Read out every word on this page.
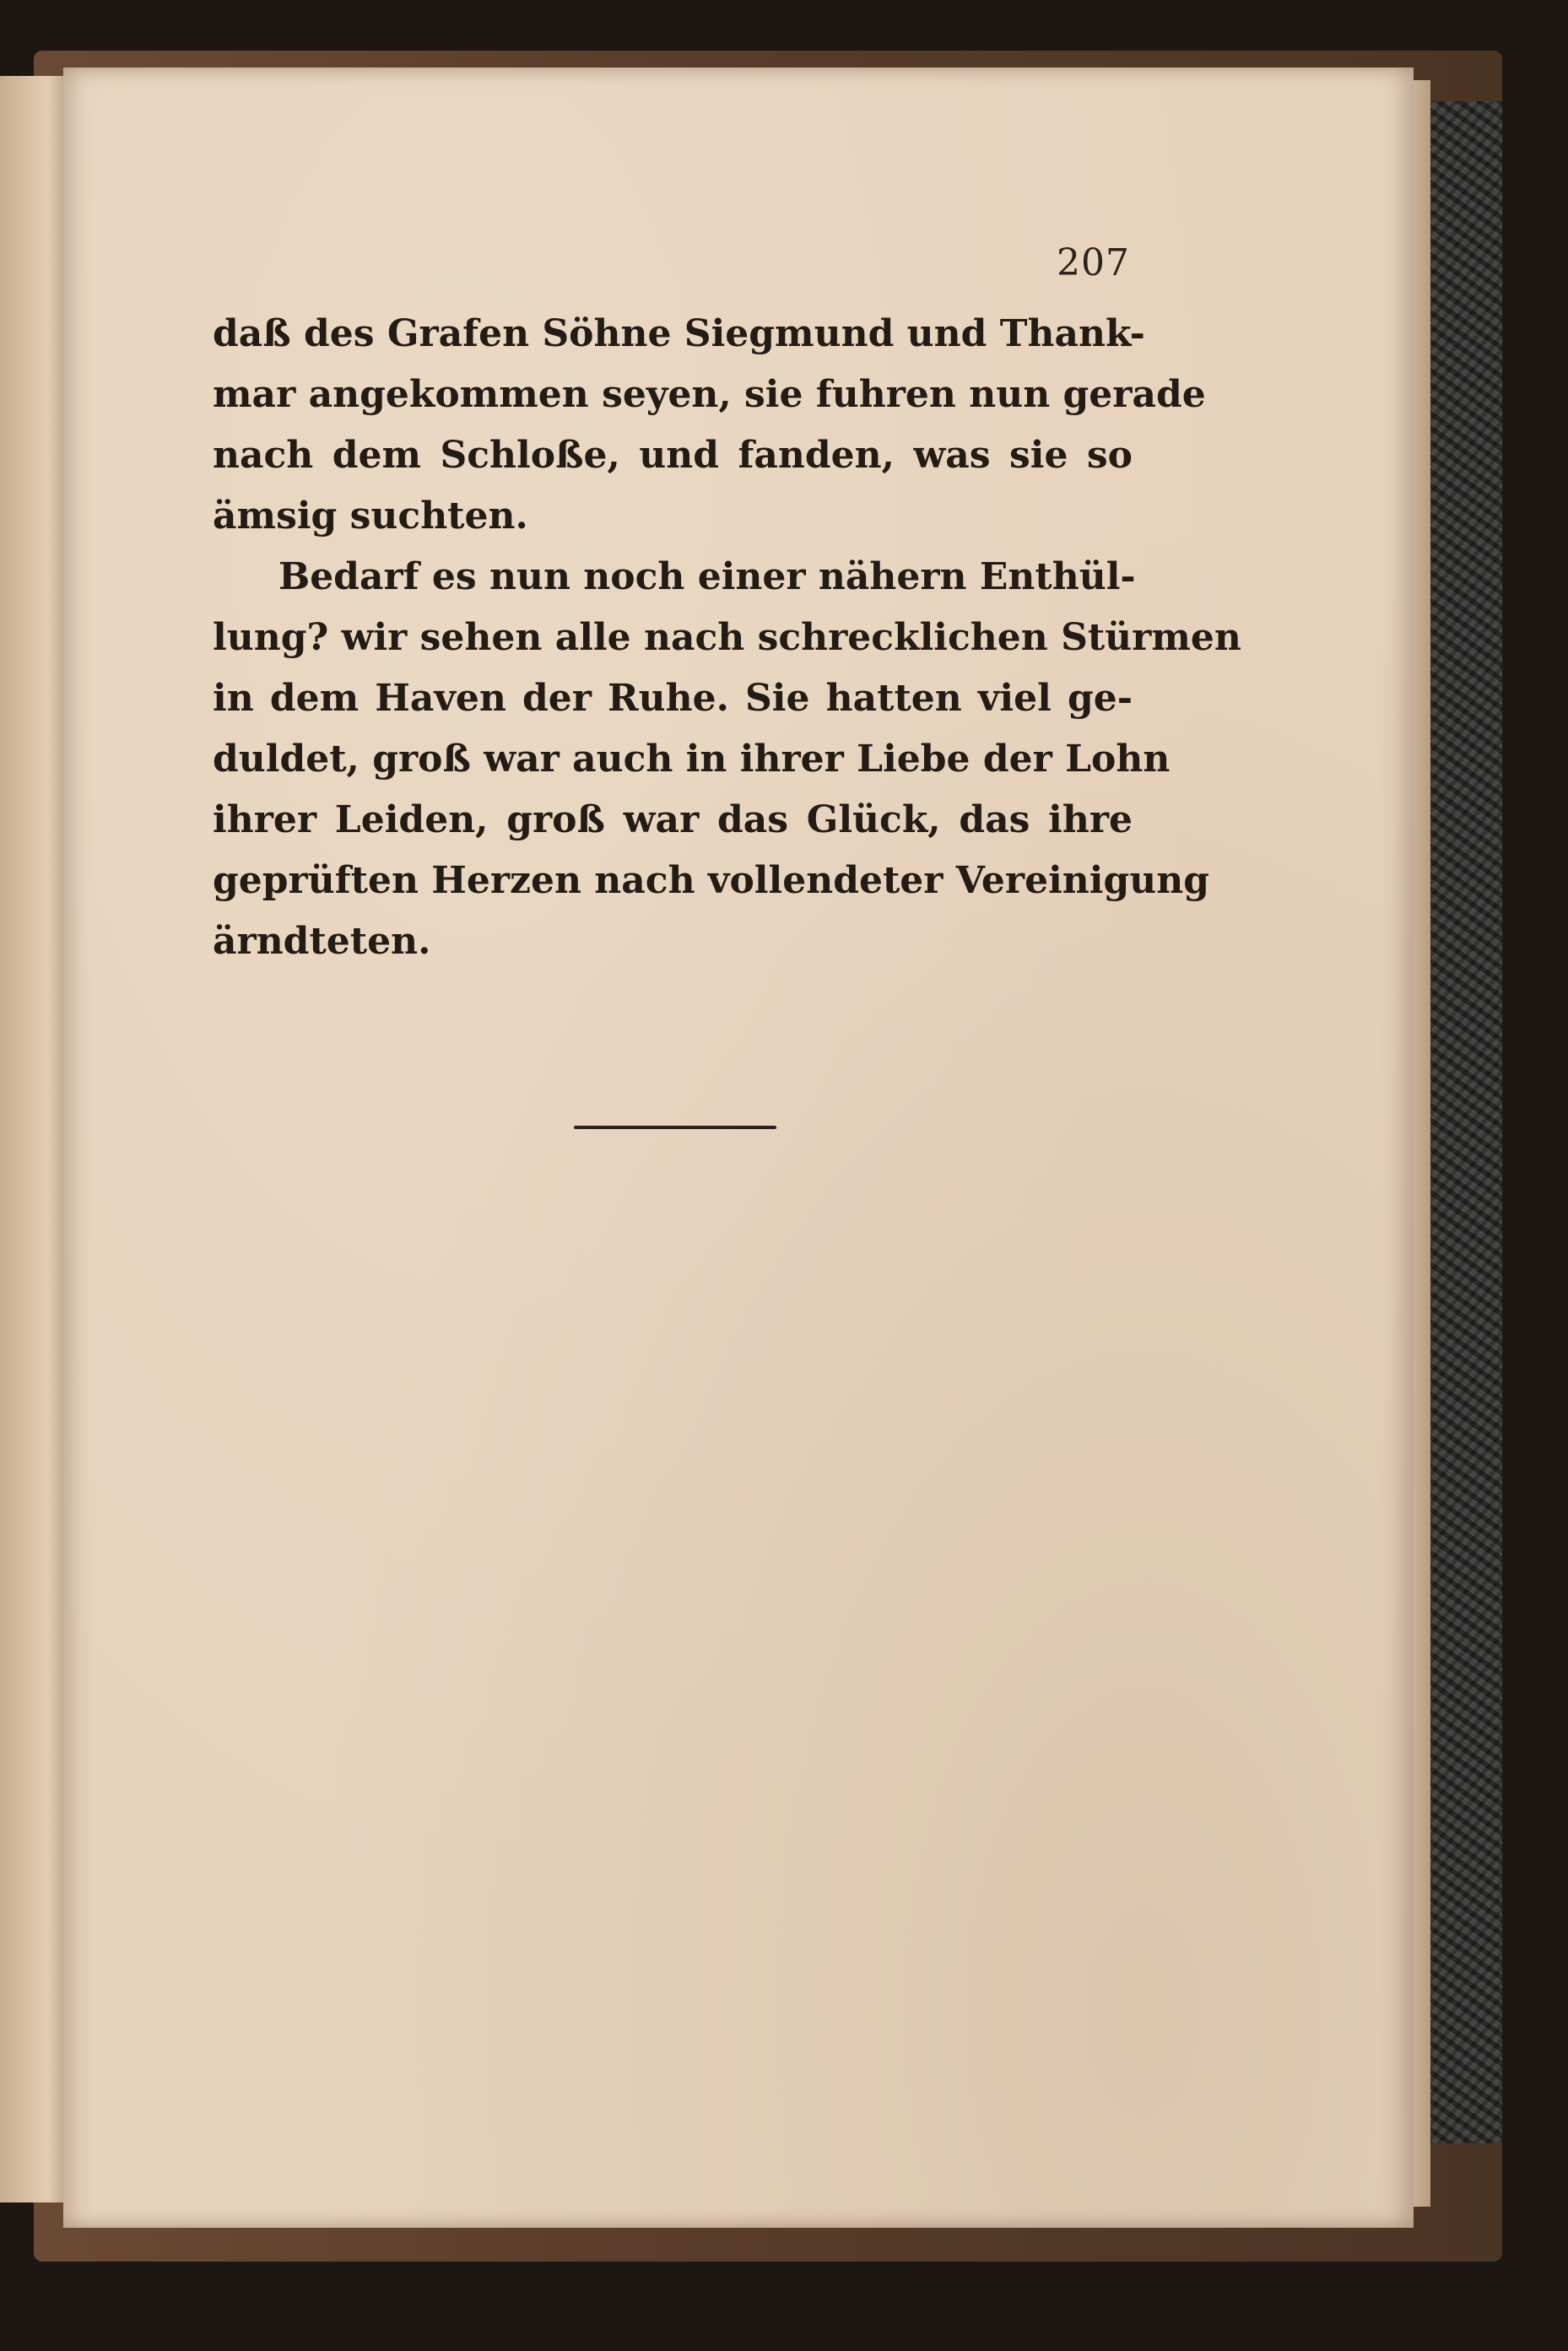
207
daß des Grafen Söhne Siegmund und Thank-
mar angekommen seyen, sie fuhren nun gerade
nach dem Schloße, und fanden, was sie so
ämsig suchten.
Bedarf es nun noch einer nähern Enthül-
lung? wir sehen alle nach schrecklichen Stürmen
in dem Haven der Ruhe. Sie hatten viel ge-
duldet, groß war auch in ihrer Liebe der Lohn
ihrer Leiden, groß war das Glück, das ihre
geprüften Herzen nach vollendeter Vereinigung
ärndteten.
